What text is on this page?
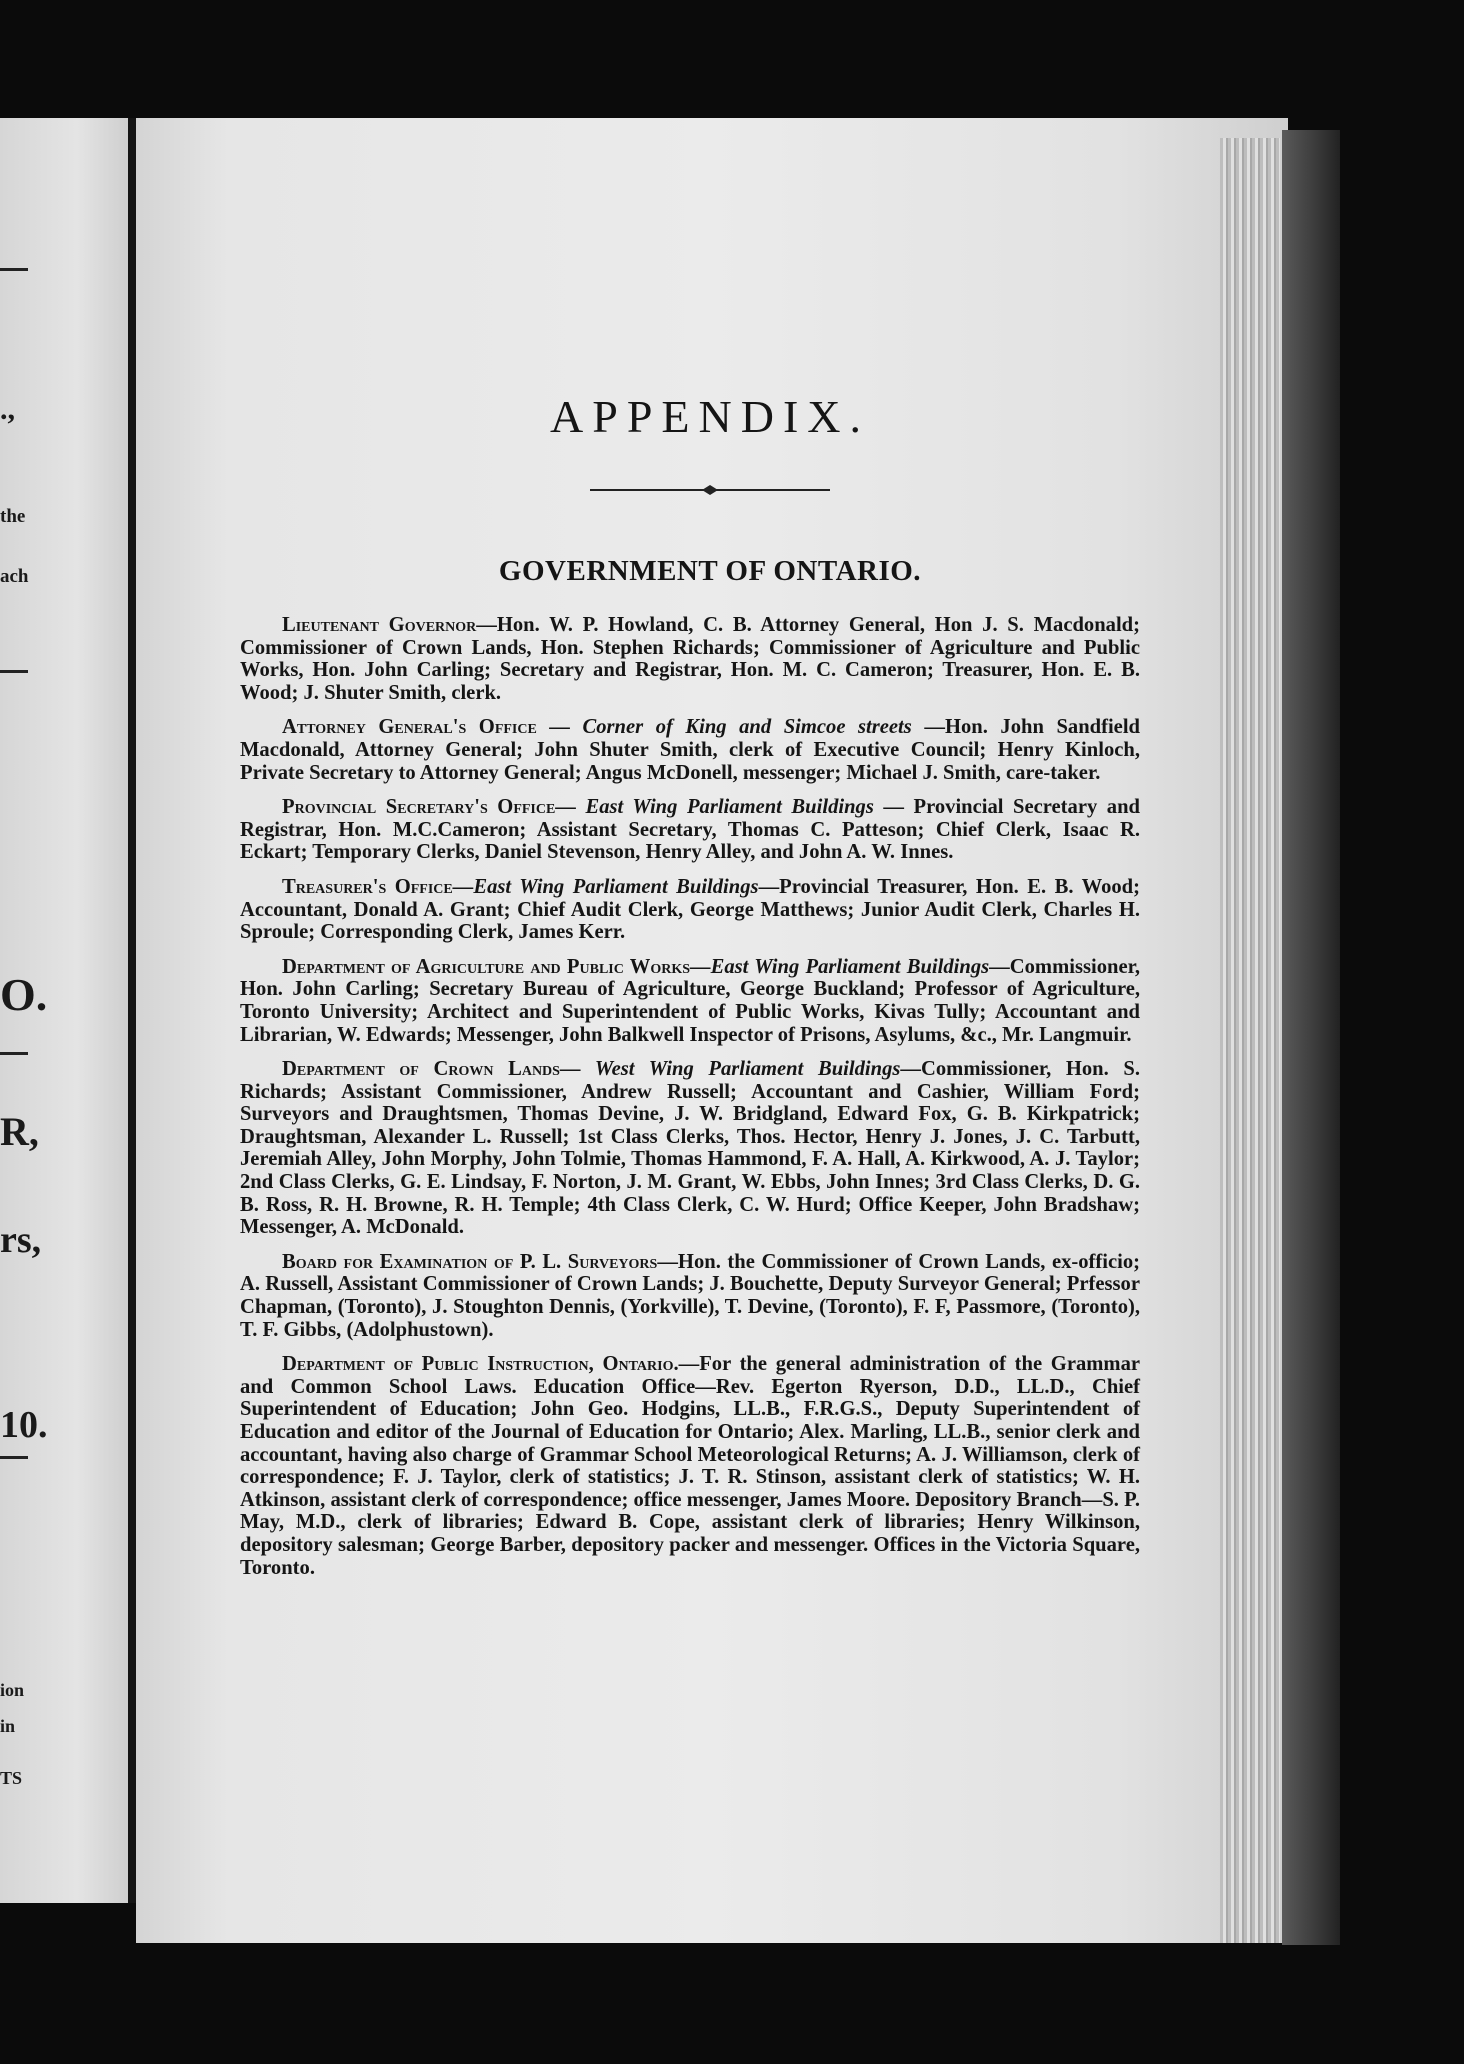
.,
the
ach
O.
R,
rs,
10.
ion
in
TS
APPENDIX.
GOVERNMENT OF ONTARIO.

Lieutenant Governor—Hon. W. P. Howland, C. B. Attorney General, Hon J. S. Macdonald; Commissioner of Crown Lands, Hon. Stephen Richards; Commissioner of Agriculture and Public Works, Hon. John Carling; Secretary and Registrar, Hon. M. C. Cameron; Treasurer, Hon. E. B. Wood; J. Shuter Smith, clerk.

Attorney General's Office — Corner of King and Simcoe streets —Hon. John Sandfield Macdonald, Attorney General; John Shuter Smith, clerk of Executive Council; Henry Kinloch, Private Secretary to Attorney General; Angus McDonell, messenger; Michael J. Smith, care-taker.

Provincial Secretary's Office— East Wing Parliament Buildings — Provincial Secretary and Registrar, Hon. M.C.Cameron; Assistant Secretary, Thomas C. Patteson; Chief Clerk, Isaac R. Eckart; Temporary Clerks, Daniel Stevenson, Henry Alley, and John A. W. Innes.

Treasurer's Office—East Wing Parliament Buildings—Provincial Treasurer, Hon. E. B. Wood; Accountant, Donald A. Grant; Chief Audit Clerk, George Matthews; Junior Audit Clerk, Charles H. Sproule; Corresponding Clerk, James Kerr.

Department of Agriculture and Public Works—East Wing Parliament Buildings—Commissioner, Hon. John Carling; Secretary Bureau of Agriculture, George Buckland; Professor of Agriculture, Toronto University; Architect and Superintendent of Public Works, Kivas Tully; Accountant and Librarian, W. Edwards; Messenger, John Balkwell Inspector of Prisons, Asylums, &c., Mr. Langmuir.

Department of Crown Lands— West Wing Parliament Buildings—Commissioner, Hon. S. Richards; Assistant Commissioner, Andrew Russell; Accountant and Cashier, William Ford; Surveyors and Draughtsmen, Thomas Devine, J. W. Bridgland, Edward Fox, G. B. Kirkpatrick; Draughtsman, Alexander L. Russell; 1st Class Clerks, Thos. Hector, Henry J. Jones, J. C. Tarbutt, Jeremiah Alley, John Morphy, John Tolmie, Thomas Hammond, F. A. Hall, A. Kirkwood, A. J. Taylor; 2nd Class Clerks, G. E. Lindsay, F. Norton, J. M. Grant, W. Ebbs, John Innes; 3rd Class Clerks, D. G. B. Ross, R. H. Browne, R. H. Temple; 4th Class Clerk, C. W. Hurd; Office Keeper, John Bradshaw; Messenger, A. McDonald.

Board for Examination of P. L. Surveyors—Hon. the Commissioner of Crown Lands, ex-officio; A. Russell, Assistant Commissioner of Crown Lands; J. Bouchette, Deputy Surveyor General; Prfessor Chapman, (Toronto), J. Stoughton Dennis, (Yorkville), T. Devine, (Toronto), F. F, Passmore, (Toronto), T. F. Gibbs, (Adolphustown).

Department of Public Instruction, Ontario.—For the general administration of the Grammar and Common School Laws. Education Office—Rev. Egerton Ryerson, D.D., LL.D., Chief Superintendent of Education; John Geo. Hodgins, LL.B., F.R.G.S., Deputy Superintendent of Education and editor of the Journal of Education for Ontario; Alex. Marling, LL.B., senior clerk and accountant, having also charge of Grammar School Meteorological Returns; A. J. Williamson, clerk of correspondence; F. J. Taylor, clerk of statistics; J. T. R. Stinson, assistant clerk of statistics; W. H. Atkinson, assistant clerk of correspondence; office messenger, James Moore. Depository Branch—S. P. May, M.D., clerk of libraries; Edward B. Cope, assistant clerk of libraries; Henry Wilkinson, depository salesman; George Barber, depository packer and messenger. Offices in the Victoria Square, Toronto.
